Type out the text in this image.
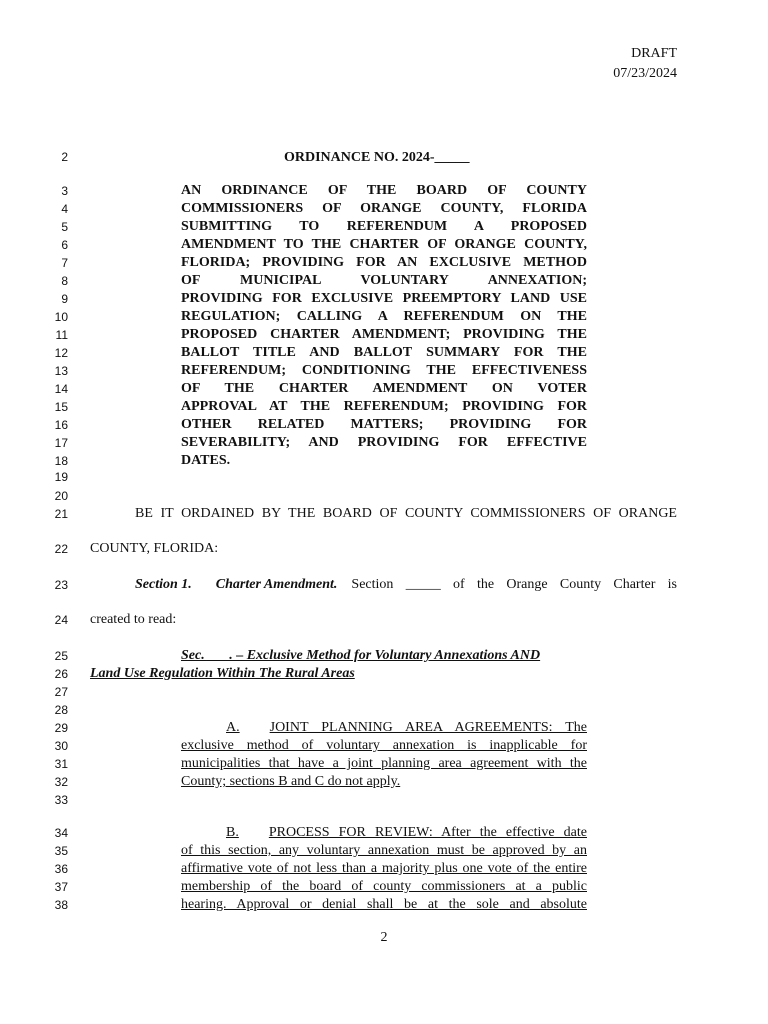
DRAFT
07/23/2024
2
3
4
5
6
7
8
9
10
11
12
13
14
15
16
17
18
19
20
21
22
23
24
25
26
27
28
29
30
31
32
33
34
35
36
37
38
ORDINANCE NO. 2024-_____
AN ORDINANCE OF THE BOARD OF COUNTY
COMMISSIONERS OF ORANGE COUNTY, FLORIDA
SUBMITTING TO REFERENDUM A PROPOSED
AMENDMENT TO THE CHARTER OF ORANGE COUNTY,
FLORIDA; PROVIDING FOR AN EXCLUSIVE METHOD
OF MUNICIPAL VOLUNTARY ANNEXATION;
PROVIDING FOR EXCLUSIVE PREEMPTORY LAND USE
REGULATION; CALLING A REFERENDUM ON THE
PROPOSED CHARTER AMENDMENT; PROVIDING THE
BALLOT TITLE AND BALLOT SUMMARY FOR THE
REFERENDUM; CONDITIONING THE EFFECTIVENESS
OF THE CHARTER AMENDMENT ON VOTER
APPROVAL AT THE REFERENDUM; PROVIDING FOR
OTHER RELATED MATTERS; PROVIDING FOR
SEVERABILITY; AND PROVIDING FOR EFFECTIVE
DATES.
BE IT ORDAINED BY THE BOARD OF COUNTY COMMISSIONERS OF ORANGE
COUNTY, FLORIDA:
Section 1. Charter Amendment. Section _____ of the Orange County Charter is
created to read:
Sec.       . – Exclusive Method for Voluntary Annexations AND
Land Use Regulation Within The Rural Areas
A. JOINT PLANNING AREA AGREEMENTS: The
exclusive method of voluntary annexation is inapplicable for
municipalities that have a joint planning area agreement with the
County; sections B and C do not apply.
B. PROCESS FOR REVIEW: After the effective date
of this section, any voluntary annexation must be approved by an
affirmative vote of not less than a majority plus one vote of the entire
membership of the board of county commissioners at a public
hearing. Approval or denial shall be at the sole and absolute
2
